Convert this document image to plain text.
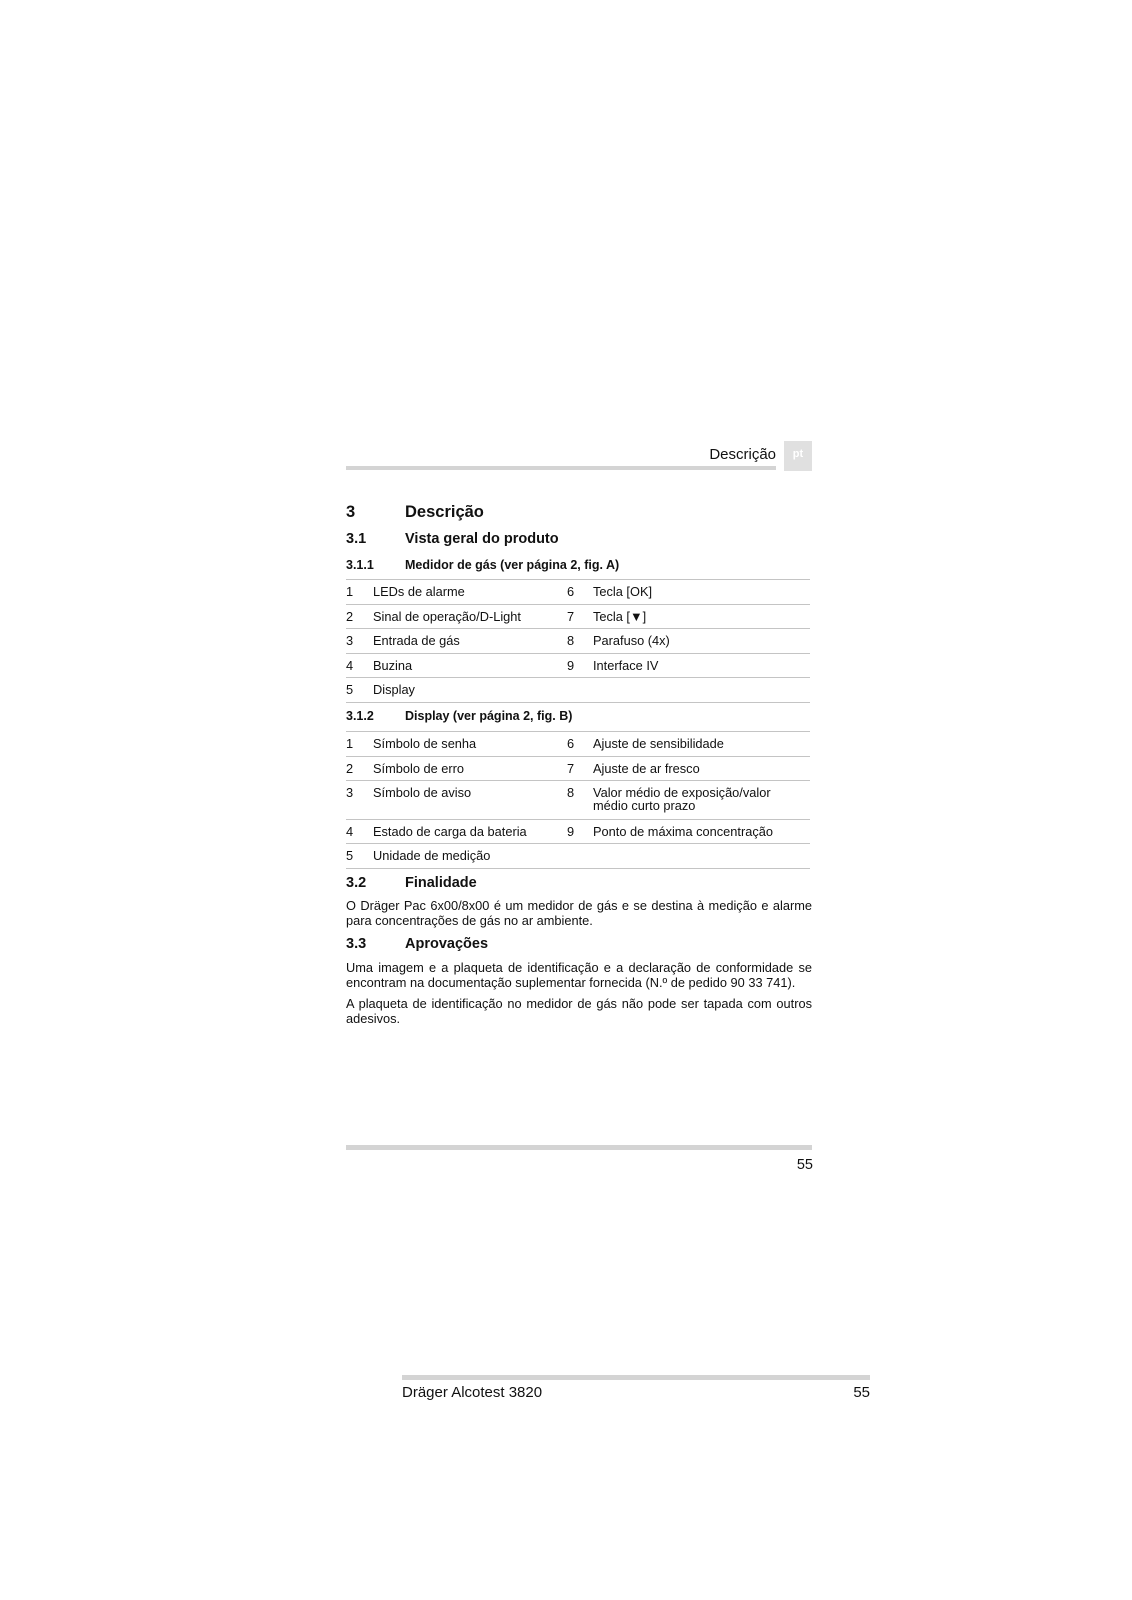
Descrição	pt
3	Descrição
3.1	Vista geral do produto
3.1.1 Medidor de gás (ver página 2, fig. A)
1 LEDs de alarme	6 Tecla [OK]
2 Sinal de operação/D-Light	7 Tecla [▼]
3 Entrada de gás	8 Parafuso (4x)
4 Buzina	9 Interface IV
5 Display
3.1.2 Display (ver página 2, fig. B)
1 Símbolo de senha	6 Ajuste de sensibilidade
2 Símbolo de erro	7 Ajuste de ar fresco
3 Símbolo de aviso	8 Valor médio de exposição/valor médio curto prazo
4 Estado de carga da bateria	9 Ponto de máxima concentração
5 Unidade de medição
3.2	Finalidade
O Dräger Pac 6x00/8x00 é um medidor de gás e se destina à medição e alarme para concentrações de gás no ar ambiente.
3.3	Aprovações
Uma imagem e a plaqueta de identificação e a declaração de conformidade se encontram na documentação suplementar fornecida (N.º de pedido 90 33 741).
A plaqueta de identificação no medidor de gás não pode ser tapada com outros adesivos.
55
Dräger Alcotest 3820	55
